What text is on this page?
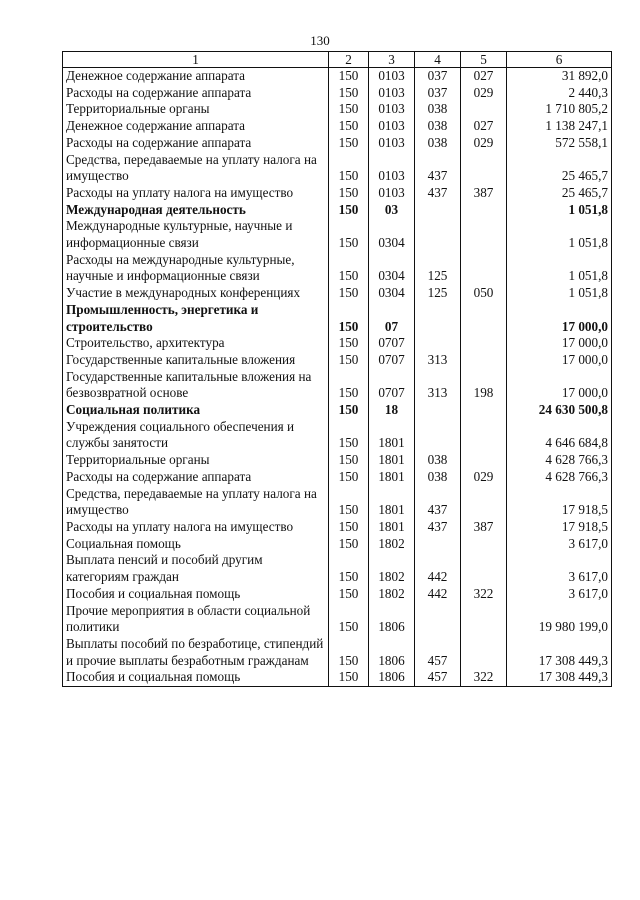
130
1	2	3	4	5	6
Денежное содержание аппарата	150	0103	037	027	31 892,0
Расходы на содержание аппарата	150	0103	037	029	2 440,3
Территориальные органы	150	0103	038		1 710 805,2
Денежное содержание аппарата	150	0103	038	027	1 138 247,1
Расходы на содержание аппарата	150	0103	038	029	572 558,1
Средства, передаваемые на уплату налога на имущество	150	0103	437		25 465,7
Расходы на уплату налога на имущество	150	0103	437	387	25 465,7
Международная деятельность	150	03			1 051,8
Международные культурные, научные и информационные связи	150	0304			1 051,8
Расходы на международные культурные, научные и информационные связи	150	0304	125		1 051,8
Участие в международных конференциях	150	0304	125	050	1 051,8
Промышленность, энергетика и строительство	150	07			17 000,0
Строительство, архитектура	150	0707			17 000,0
Государственные капитальные вложения	150	0707	313		17 000,0
Государственные капитальные вложения на безвозвратной основе	150	0707	313	198	17 000,0
Социальная политика	150	18			24 630 500,8
Учреждения социального обеспечения и службы занятости	150	1801			4 646 684,8
Территориальные органы	150	1801	038		4 628 766,3
Расходы на содержание аппарата	150	1801	038	029	4 628 766,3
Средства, передаваемые на уплату налога на имущество	150	1801	437		17 918,5
Расходы на уплату налога на имущество	150	1801	437	387	17 918,5
Социальная помощь	150	1802			3 617,0
Выплата пенсий и пособий другим категориям граждан	150	1802	442		3 617,0
Пособия и социальная помощь	150	1802	442	322	3 617,0
Прочие мероприятия в области социальной политики	150	1806			19 980 199,0
Выплаты пособий по безработице, стипендий и прочие выплаты безработным гражданам	150	1806	457		17 308 449,3
Пособия и социальная помощь	150	1806	457	322	17 308 449,3
